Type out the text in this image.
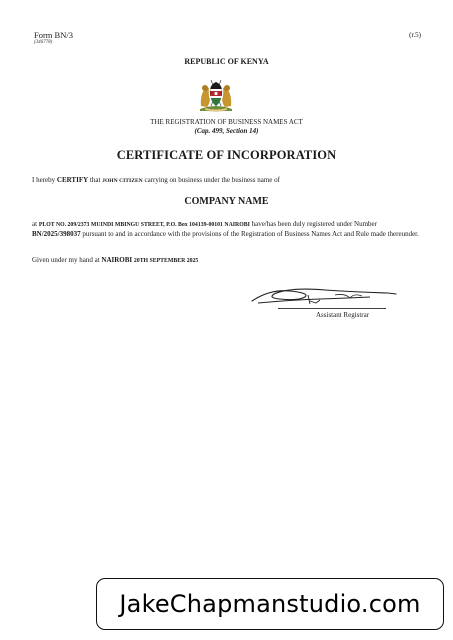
Form BN/3
(346778)
(r.5)
REPUBLIC OF KENYA
THE REGISTRATION OF BUSINESS NAMES ACT
(Cap. 499, Section 14)
CERTIFICATE OF INCORPORATION
I hereby CERTIFY that JOHN CITIZEN carrying on business under the business name of
COMPANY NAME
at PLOT NO. 209/2373 MUINDI MBINGU STREET, P.O. Box 104139-00101 NAIROBI have/has been duly registered under Number BN/2025/398037 pursuant to and in accordance with the provisions of the Registration of Business Names Act and Rule made thereunder.
Given under my hand at NAIROBI 20TH SEPTEMBER 2025
Assistant Registrar
JakeChapmanstudio.com
